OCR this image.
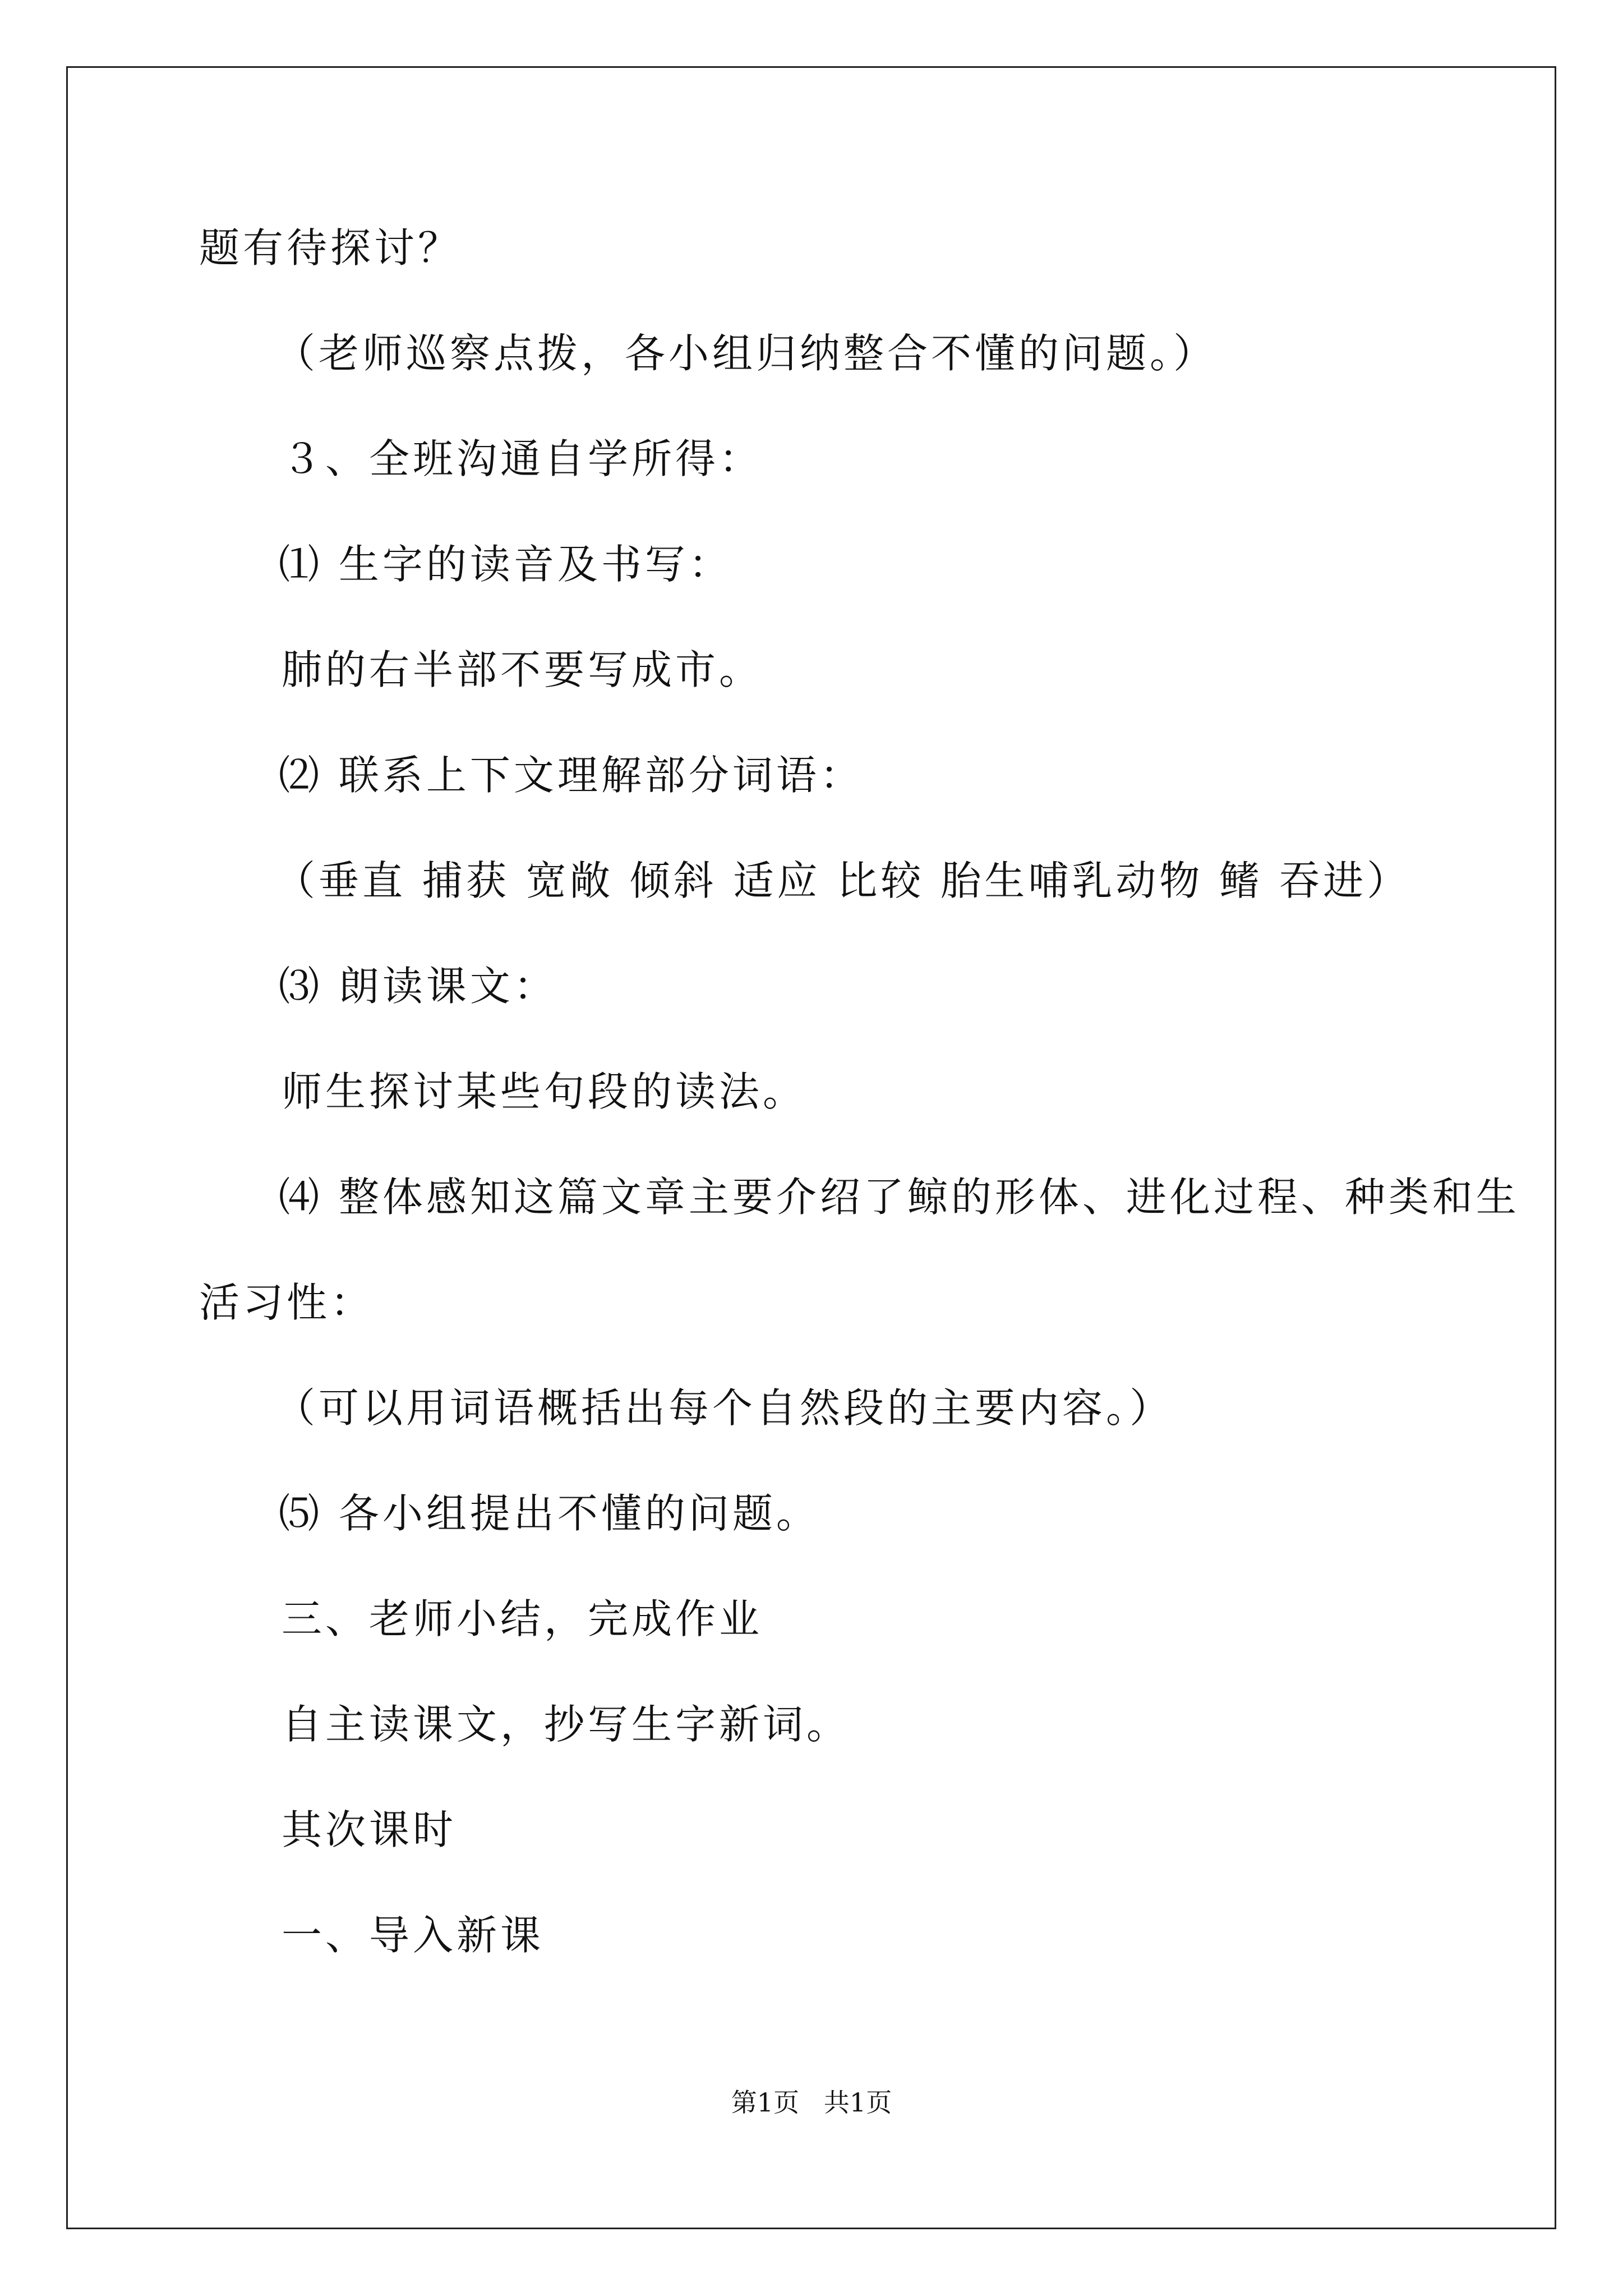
题有待探讨？
（老师巡察点拨，各小组归纳整合不懂的问题。）
３、全班沟通自学所得：
⑴ 生字的读音及书写：
肺的右半部不要写成市。
⑵ 联系上下文理解部分词语：
（垂直 捕获 宽敞 倾斜 适应 比较 胎生哺乳动物 鳍 吞进）
⑶ 朗读课文：
师生探讨某些句段的读法。
⑷ 整体感知这篇文章主要介绍了鲸的形体、进化过程、种类和生
活习性：
（可以用词语概括出每个自然段的主要内容。）
⑸ 各小组提出不懂的问题。
三、老师小结，完成作业
自主读课文，抄写生字新词。
其次课时
一、导入新课
第1页   共1页
